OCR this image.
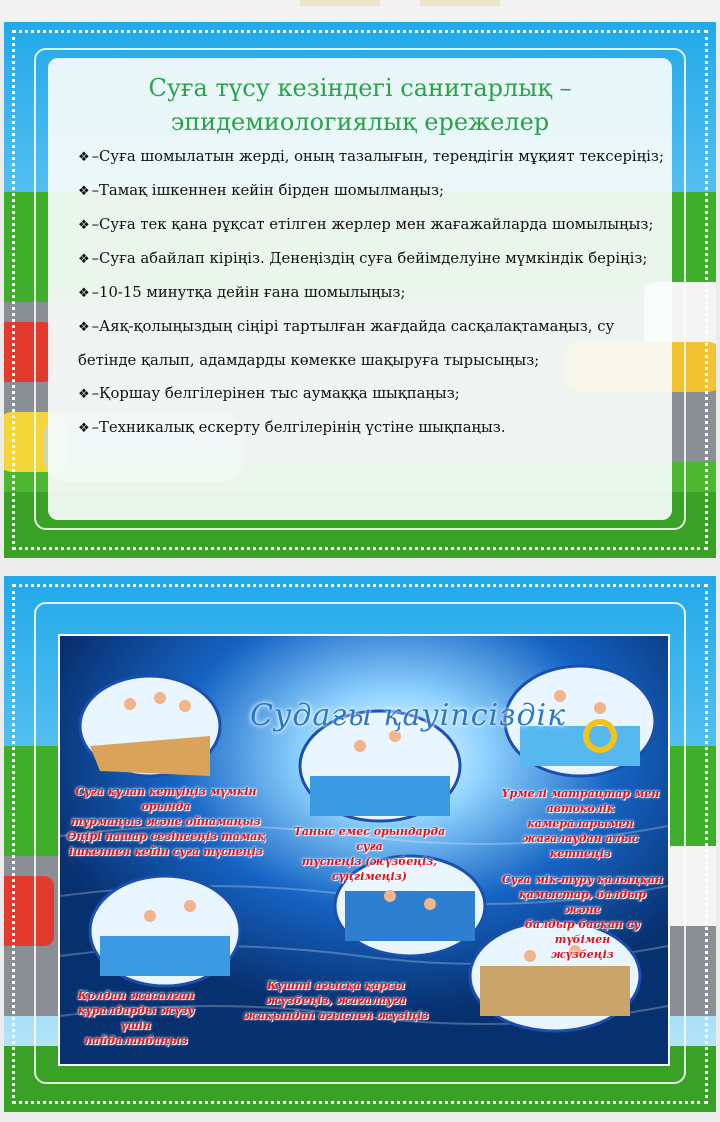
Суға түсу кезіндегі санитарлық –
эпидемиологиялық ережелер
❖ –Суға шомылатын жерді, оның тазалығын, тереңдігін мұқият тексеріңіз;
❖ –Тамақ ішкеннен кейін бірден шомылмаңыз;
❖ –Суға тек қана рұқсат етілген жерлер мен жағажайларда шомылыңыз;
❖ –Суға абайлап кіріңіз. Денеңіздің суға бейімделуіне мүмкіндік беріңіз;
❖ –10-15 минутқа дейін ғана шомылыңыз;
❖ –Аяқ-қолыңыздың сіңірі тартылған жағдайда сасқалақтамаңыз, су
бетінде қалып, адамдарды көмекке шақыруға тырысыңыз;
❖ –Қоршау белгілерінен тыс аумаққа шықпаңыз;
❖ –Техникалық ескерту белгілерінің үстіне шықпаңыз.
Судағы қауіпсіздік
Суға құлап кетуіңіз мүмкін орында
тұрмаңыз және ойнамаңыз
Өңірі нашар сезінсеңіз тамақ
ішкеннен кейін суға түспеңіз
Таныс емес орындарда суға
түспеңіз (жүзбеңіз,
сүңгімеңіз)
Үрмелі матрацтар мен
автокөлік камераларымен
жағалаудан алыс
кетпеңіз
Суға мік-тұру қалыңқан
қамыстар, балдыр және
балдыр басқан су түбімен
жүзбеңіз
Қолдан жасалған
құралдарды жүзу үшін
пайдаланбаңыз
Күшті ағысқа қарсы
жүзбеңіз, жағалауға
жақындап ағыспен жүзіңіз
